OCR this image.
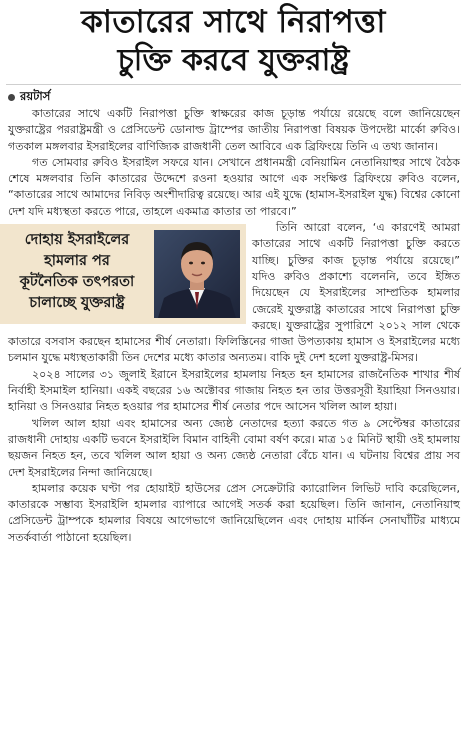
কাতারের সাথে নিরাপত্তা
চুক্তি করবে যুক্তরাষ্ট্র
রয়টার্স

কাতারের সাথে একটি নিরাপত্তা চুক্তি স্বাক্ষরের কাজ চূড়ান্ত পর্যায়ে রয়েছে বলে জানিয়েছেন যুক্তরাষ্ট্রের পররাষ্ট্রমন্ত্রী ও প্রেসিডেন্ট ডোনাল্ড ট্রাম্পের জাতীয় নিরাপত্তা বিষয়ক উপদেষ্টা মার্কো রুবিও। গতকাল মঙ্গলবার ইসরাইলের বাণিজ্যিক রাজধানী তেল আবিবে এক ব্রিফিংয়ে তিনি এ তথ্য জানান।

গত সোমবার রুবিও ইসরাইল সফরে যান। সেখানে প্রধানমন্ত্রী বেনিয়ামিন নেতানিয়াহুর সাথে বৈঠক শেষে মঙ্গলবার তিনি কাতারের উদ্দেশে রওনা হওয়ার আগে এক সংক্ষিপ্ত ব্রিফিংয়ে রুবিও বলেন, “কাতারের সাথে আমাদের নিবিড় অংশীদারিত্ব রয়েছে। আর এই যুদ্ধে (হামাস-ইসরাইল যুদ্ধ) বিশ্বের কোনো দেশ যদি মধ্যস্থতা করতে পারে, তাহলে একমাত্র কাতার তা পারবে।”

দোহায় ইসরাইলের
হামলার পর
কূটনৈতিক তৎপরতা
চালাচ্ছে যুক্তরাষ্ট্র

তিনি আরো বলেন, ‘এ কারণেই আমরা কাতারের সাথে একটি নিরাপত্তা চুক্তি করতে যাচ্ছি। চুক্তির কাজ চূড়ান্ত পর্যায়ে রয়েছে।” যদিও রুবিও প্রকাশ্যে বলেননি, তবে ইঙ্গিত দিয়েছেন যে ইসরাইলের সাম্প্রতিক হামলার জেরেই যুক্তরাষ্ট্র কাতারের সাথে নিরাপত্তা চুক্তি করছে। যুক্তরাষ্ট্রের সুপারিশে ২০১২ সাল থেকে কাতারে বসবাস করছেন হামাসের শীর্ষ নেতারা। ফিলিস্তিনের গাজা উপত্যকায় হামাস ও ইসরাইলের মধ্যে চলমান যুদ্ধে মধ্যস্থতাকারী তিন দেশের মধ্যে কাতার অন্যতম। বাকি দুই দেশ হলো যুক্তরাষ্ট্র-মিসর।

২০২৪ সালের ৩১ জুলাই ইরানে ইসরাইলের হামলায় নিহত হন হামাসের রাজনৈতিক শাখার শীর্ষ নির্বাহী ইসমাইল হানিয়া। একই বছরের ১৬ অক্টোবর গাজায় নিহত হন তার উত্তরসূরী ইয়াহিয়া সিনওয়ার। হানিয়া ও সিনওয়ার নিহত হওয়ার পর হামাসের শীর্ষ নেতার পদে আসেন খলিল আল হায়া।

খলিল আল হায়া এবং হামাসের অন্য জ্যেষ্ঠ নেতাদের হত্যা করতে গত ৯ সেপ্টেম্বর কাতারের রাজধানী দোহায় একটি ভবনে ইসরাইলি বিমান বাহিনী বোমা বর্ষণ করে। মাত্র ১৫ মিনিট স্থায়ী ওই হামলায় ছয়জন নিহত হন, তবে খলিল আল হায়া ও অন্য জ্যেষ্ঠ নেতারা বেঁচে যান। এ ঘটনায় বিশ্বের প্রায় সব দেশ ইসরাইলের নিন্দা জানিয়েছে।

হামলার কয়েক ঘণ্টা পর হোয়াইট হাউসের প্রেস সেক্রেটারি ক্যারোলিন লিভিট দাবি করেছিলেন, কাতারকে সম্ভাব্য ইসরাইলি হামলার ব্যাপারে আগেই সতর্ক করা হয়েছিল। তিনি জানান, নেতানিয়াহু প্রেসিডেন্ট ট্রাম্পকে হামলার বিষয়ে আগেভাগে জানিয়েছিলেন এবং দোহায় মার্কিন সেনাঘাঁটির মাধ্যমে সতর্কবার্তা পাঠানো হয়েছিল।
